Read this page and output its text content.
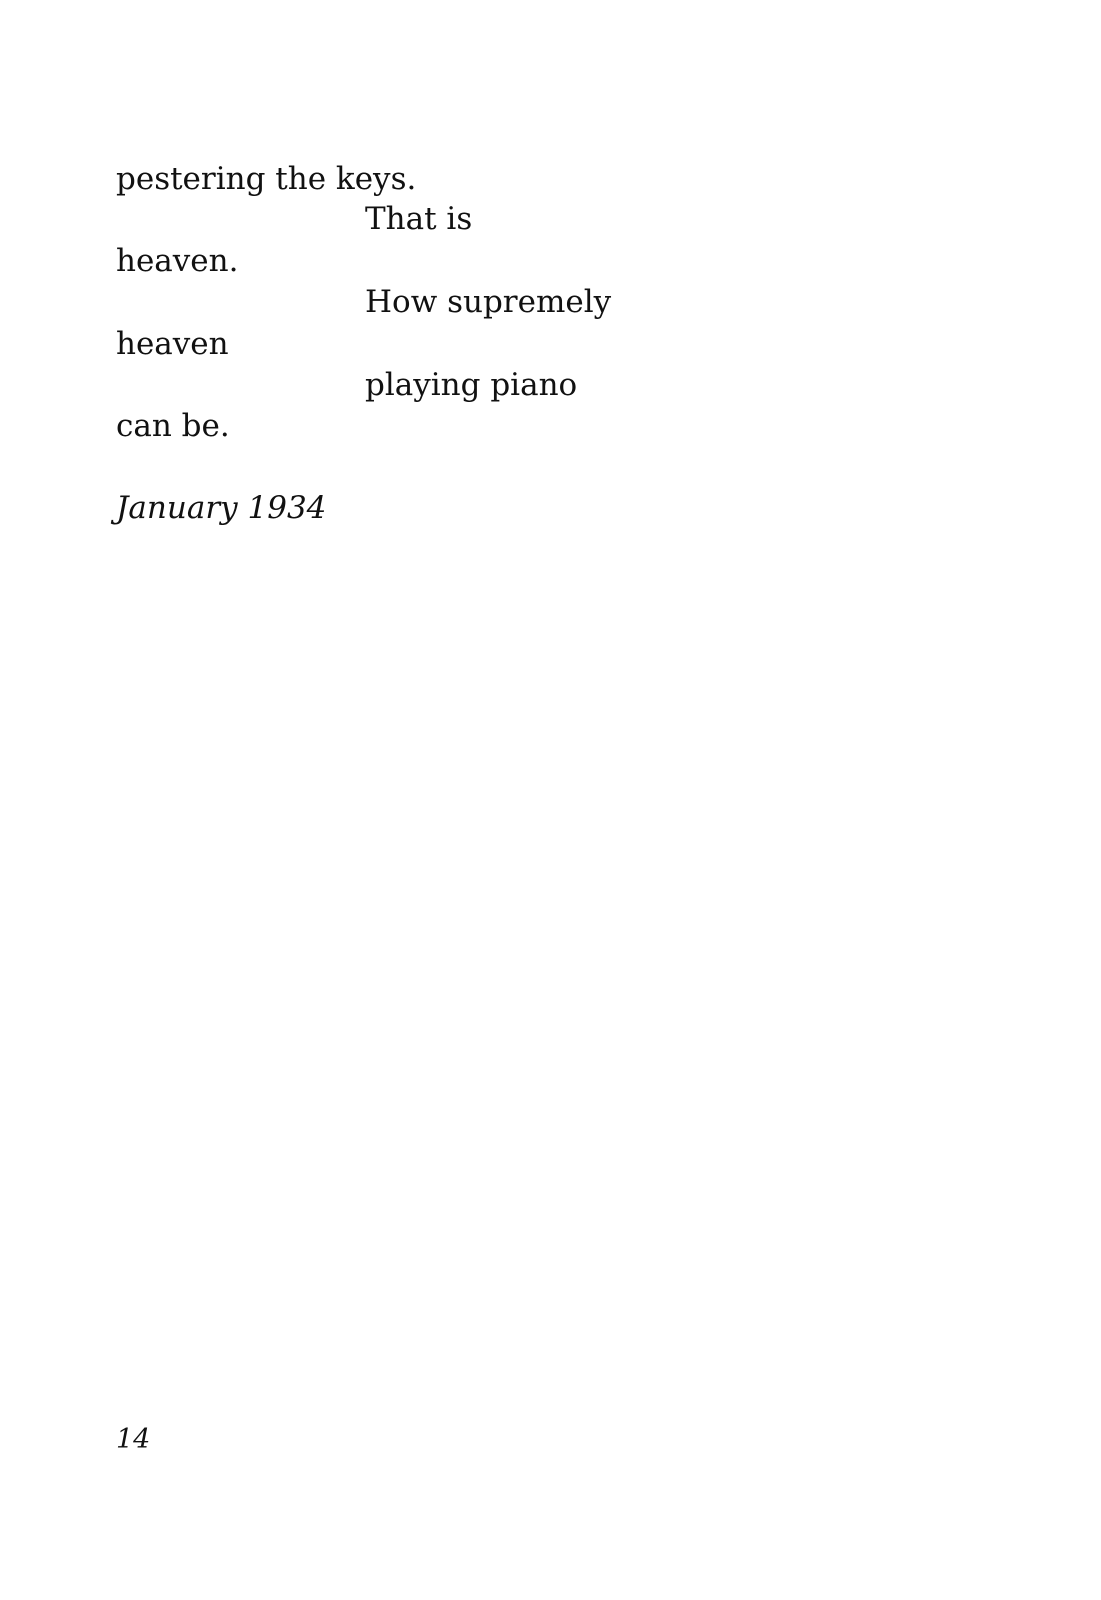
pestering the keys.
That is
heaven.
How supremely
heaven
playing piano
can be.
January 1934
14
